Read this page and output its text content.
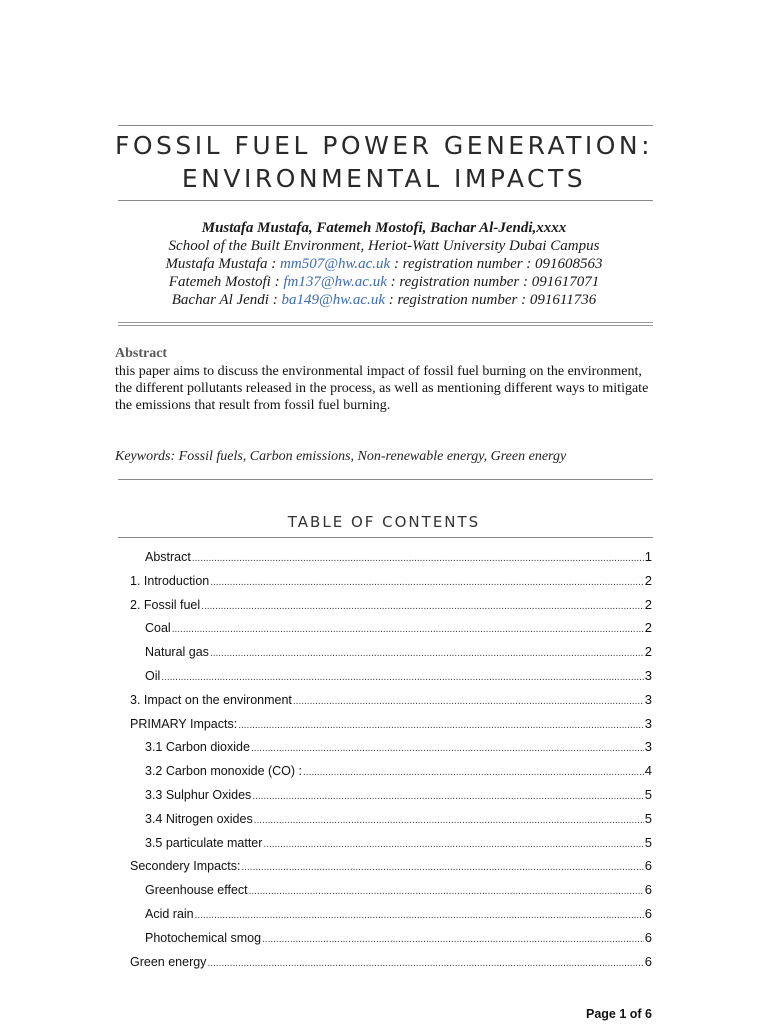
FOSSIL FUEL POWER GENERATION:
ENVIRONMENTAL IMPACTS
Mustafa Mustafa, Fatemeh Mostofi, Bachar Al-Jendi,xxxx
School of the Built Environment, Heriot-Watt University Dubai Campus
Mustafa Mustafa : mm507@hw.ac.uk : registration number : 091608563
Fatemeh Mostofi : fm137@hw.ac.uk : registration number : 091617071
Bachar Al Jendi : ba149@hw.ac.uk : registration number : 091611736
Abstract
this paper aims to discuss the environmental impact of fossil fuel burning on the environment, the different pollutants released in the process, as well as mentioning different ways to mitigate the emissions that result from fossil fuel burning.
Keywords: Fossil fuels, Carbon emissions, Non-renewable energy, Green energy
TABLE OF CONTENTS
Abstract .....	1
1. Introduction .....	2
2. Fossil fuel .....	2
Coal .....	2
Natural gas .....	2
Oil .....	3
3. Impact on the environment .....	3
PRIMARY Impacts: .....	3
3.1 Carbon dioxide .....	3
3.2 Carbon monoxide (CO) : .....	4
3.3 Sulphur Oxides .....	5
3.4 Nitrogen oxides .....	5
3.5 particulate matter .....	5
Secondery Impacts: .....	6
Greenhouse effect .....	6
Acid rain .....	6
Photochemical smog .....	6
Green energy .....	6
Page 1 of 6
